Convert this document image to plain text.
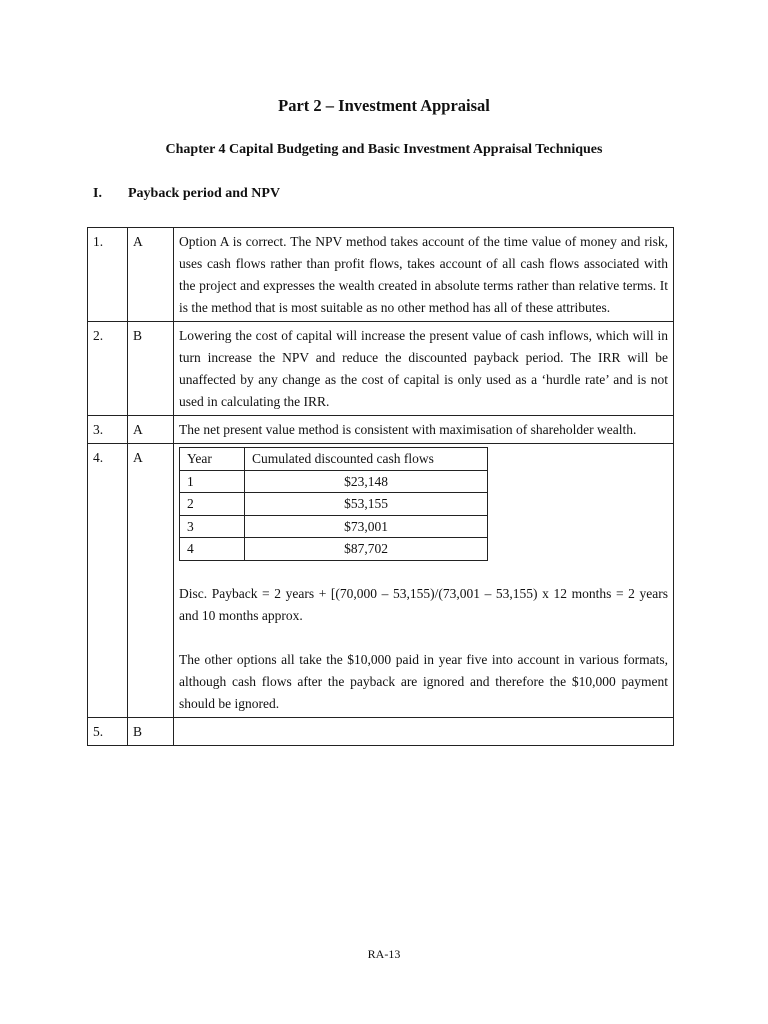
Part 2 – Investment Appraisal
Chapter 4 Capital Budgeting and Basic Investment Appraisal Techniques
I. Payback period and NPV
1.	A	Option A is correct. The NPV method takes account of the time value of money and risk, uses cash flows rather than profit flows, takes account of all cash flows associated with the project and expresses the wealth created in absolute terms rather than relative terms. It is the method that is most suitable as no other method has all of these attributes.
2.	B	Lowering the cost of capital will increase the present value of cash inflows, which will in turn increase the NPV and reduce the discounted payback period. The IRR will be unaffected by any change as the cost of capital is only used as a ‘hurdle rate’ and is not used in calculating the IRR.
3.	A	The net present value method is consistent with maximisation of shareholder wealth.
4.	A		Year	Cumulated discounted cash flows
1	$23,148
2	$53,155
3	$73,001
4	$87,702
Disc. Payback = 2 years + [(70,000 – 53,155)/(73,001 – 53,155) x 12 months = 2 years and 10 months approx.
The other options all take the $10,000 paid in year five into account in various formats, although cash flows after the payback are ignored and therefore the $10,000 payment should be ignored.

5.	B	
RA-13
